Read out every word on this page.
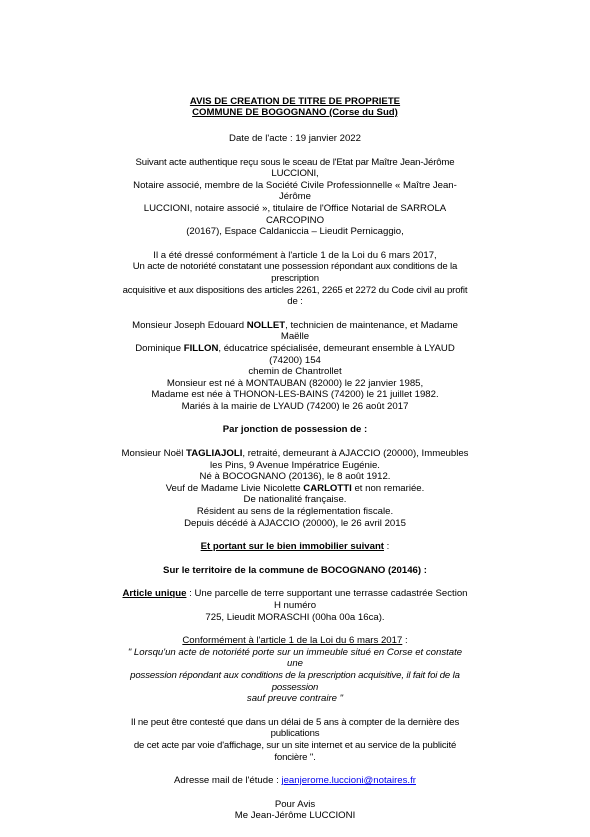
AVIS DE CREATION DE TITRE DE PROPRIETE
COMMUNE DE BOGOGNANO (Corse du Sud)

Date de l'acte : 19 janvier 2022

Suivant acte authentique reçu sous le sceau de l'Etat par Maître Jean-Jérôme LUCCIONI,

Notaire associé, membre de la Société Civile Professionnelle « Maître Jean-Jérôme

LUCCIONI, notaire associé », titulaire de l'Office Notarial de SARROLA CARCOPINO

(20167), Espace Caldaniccia – Lieudit Pernicaggio,

Il a été dressé conformément à l'article 1 de la Loi du 6 mars 2017,

Un acte de notoriété constatant une possession répondant aux conditions de la prescription

acquisitive et aux dispositions des articles 2261, 2265 et 2272 du Code civil au profit de :

Monsieur Joseph Edouard NOLLET, technicien de maintenance, et Madame Maëlle

Dominique FILLON, éducatrice spécialisée, demeurant ensemble à LYAUD (74200) 154

chemin de Chantrollet

Monsieur est né à MONTAUBAN (82000) le 22 janvier 1985,

Madame est née à THONON-LES-BAINS (74200) le 21 juillet 1982.

Mariés à la mairie de LYAUD (74200) le 26 août 2017

Par jonction de possession de :

Monsieur Noël TAGLIAJOLI, retraité, demeurant à AJACCIO (20000), Immeubles

les Pins, 9 Avenue Impératrice Eugénie.

Né à BOCOGNANO (20136), le 8 août 1912.

Veuf de Madame Livie Nicolette CARLOTTI et non remariée.

De nationalité française.

Résident au sens de la réglementation fiscale.

Depuis décédé à AJACCIO (20000), le 26 avril 2015

Et portant sur le bien immobilier suivant :

Sur le territoire de la commune de BOCOGNANO (20146) :

Article unique : Une parcelle de terre supportant une terrasse cadastrée Section H numéro

725, Lieudit MORASCHI (00ha 00a 16ca).

Conformément à l'article 1 de la Loi du 6 mars 2017 :

" Lorsqu'un acte de notoriété porte sur un immeuble situé en Corse et constate une

possession répondant aux conditions de la prescription acquisitive, il fait foi de la possession

sauf preuve contraire "

Il ne peut être contesté que dans un délai de 5 ans à compter de la dernière des publications

de cet acte par voie d'affichage, sur un site internet et au service de la publicité foncière ".

Adresse mail de l'étude : jeanjerome.luccioni@notaires.fr

Pour Avis

Me Jean-Jérôme LUCCIONI
